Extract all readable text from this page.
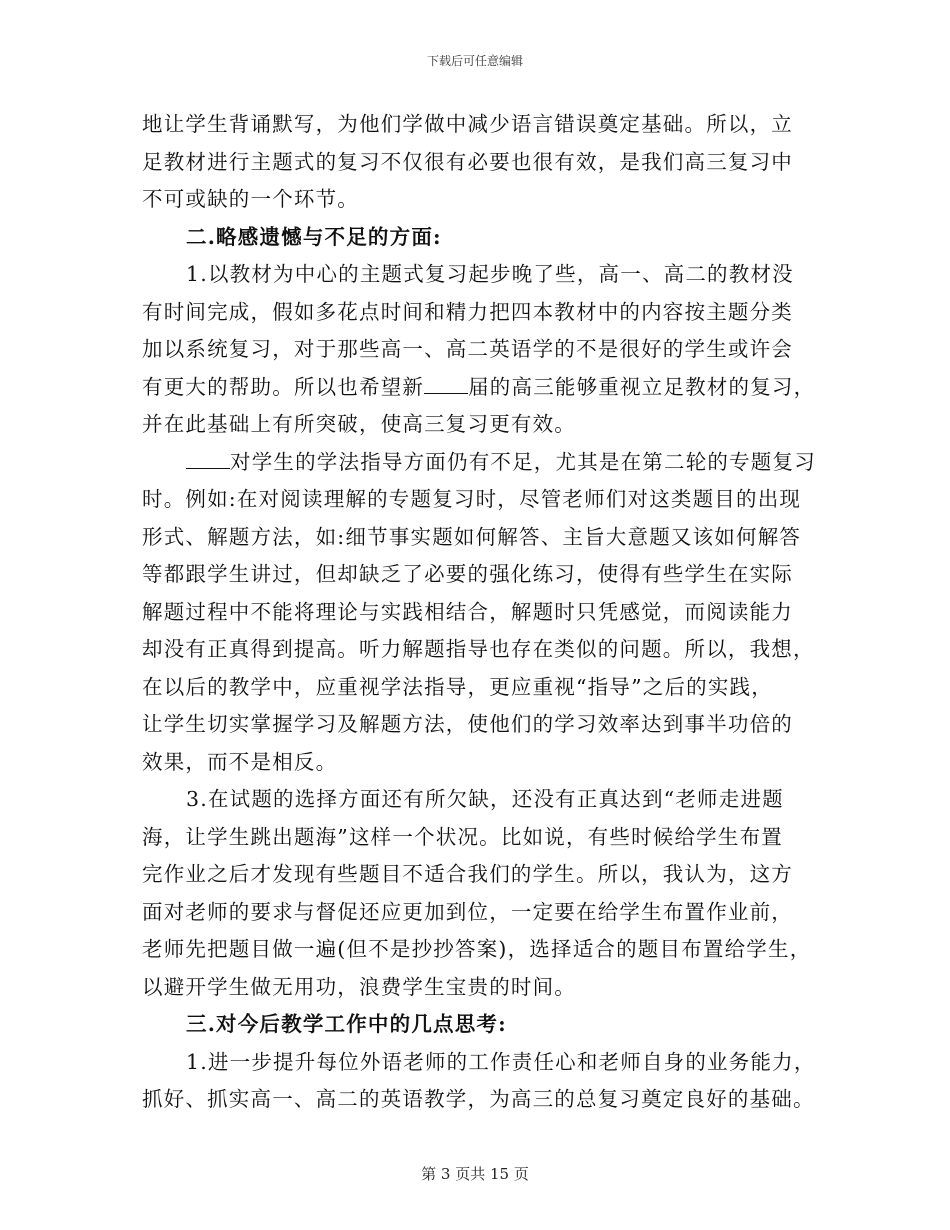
下载后可任意编辑

地让学生背诵默写，为他们学做中减少语言错误奠定基础。所以，立
足教材进行主题式的复习不仅很有必要也很有效，是我们高三复习中
不可或缺的一个环节。

二.略感遗憾与不足的方面:

1.以教材为中心的主题式复习起步晚了些，高一、高二的教材没
有时间完成，假如多花点时间和精力把四本教材中的内容按主题分类
加以系统复习，对于那些高一、高二英语学的不是很好的学生或许会
有更大的帮助。所以也希望新 届的高三能够重视立足教材的复习，
并在此基础上有所突破，使高三复习更有效。

对学生的学法指导方面仍有不足，尤其是在第二轮的专题复习
时。例如:在对阅读理解的专题复习时，尽管老师们对这类题目的出现
形式、解题方法，如:细节事实题如何解答、主旨大意题又该如何解答
等都跟学生讲过，但却缺乏了必要的强化练习，使得有些学生在实际
解题过程中不能将理论与实践相结合，解题时只凭感觉，而阅读能力
却没有正真得到提高。听力解题指导也存在类似的问题。所以，我想，
在以后的教学中，应重视学法指导，更应重视“指导”之后的实践，
让学生切实掌握学习及解题方法，使他们的学习效率达到事半功倍的
效果，而不是相反。

3.在试题的选择方面还有所欠缺，还没有正真达到“老师走进题
海，让学生跳出题海”这样一个状况。比如说，有些时候给学生布置
完作业之后才发现有些题目不适合我们的学生。所以，我认为，这方
面对老师的要求与督促还应更加到位，一定要在给学生布置作业前，
老师先把题目做一遍(但不是抄抄答案)，选择适合的题目布置给学生，
以避开学生做无用功，浪费学生宝贵的时间。

三.对今后教学工作中的几点思考:

1.进一步提升每位外语老师的工作责任心和老师自身的业务能力，
抓好、抓实高一、高二的英语教学，为高三的总复习奠定良好的基础。

第 3 页共 15 页
